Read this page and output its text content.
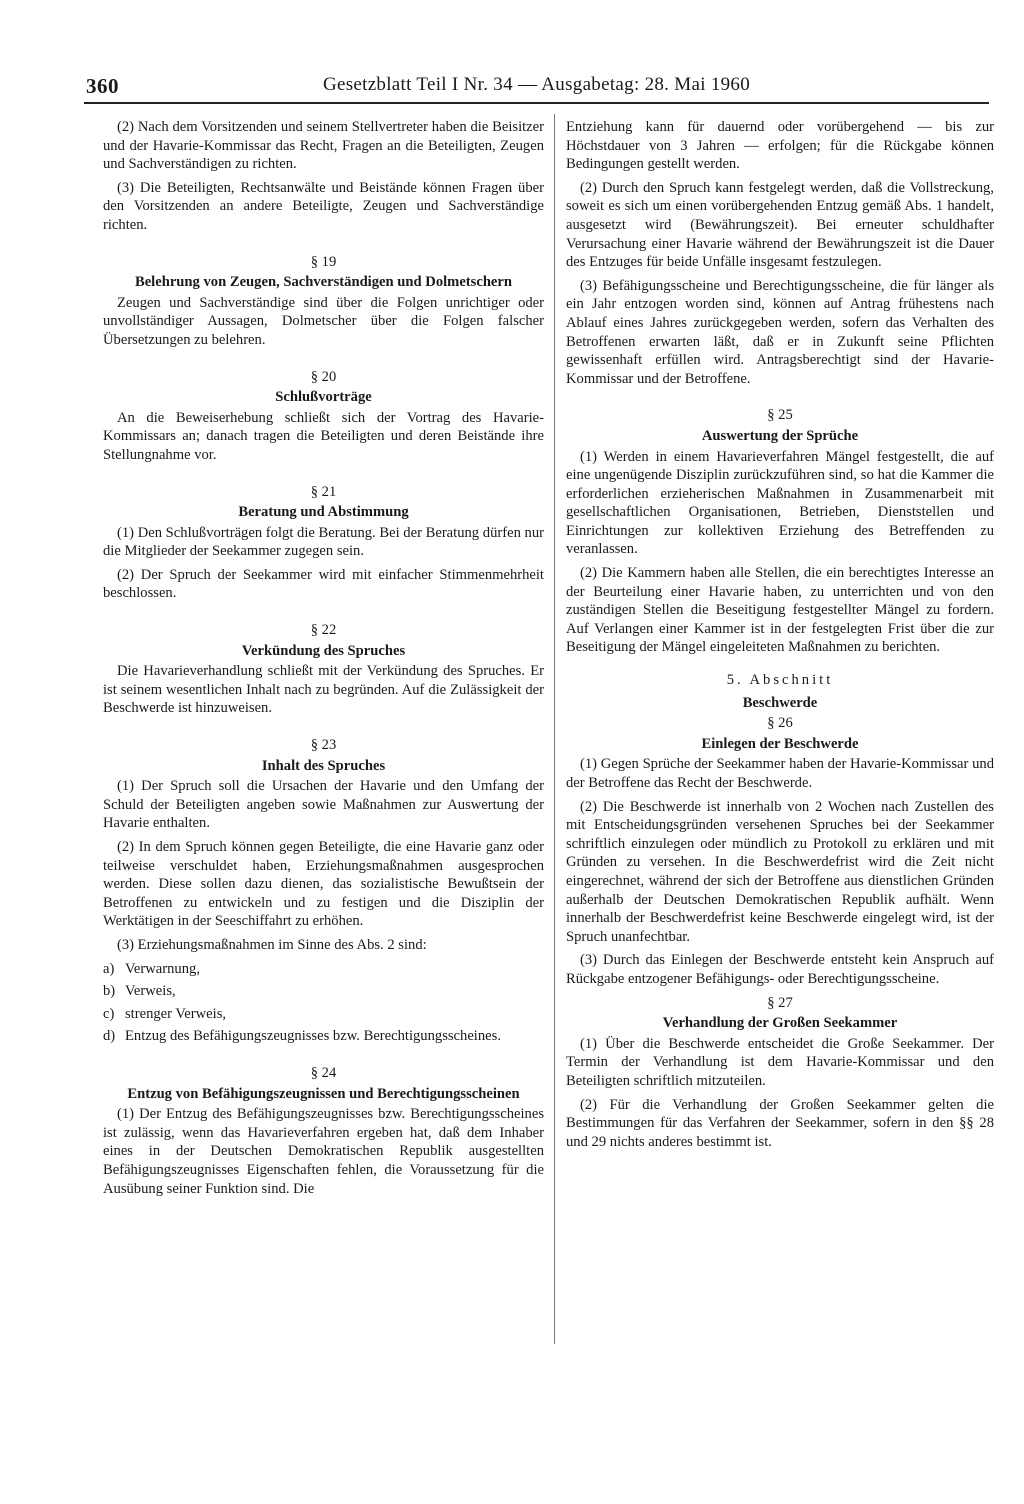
360	Gesetzblatt Teil I Nr. 34 — Ausgabetag: 28. Mai 1960

(2) Nach dem Vorsitzenden und seinem Stellvertreter haben die Beisitzer und der Havarie-Kommissar das Recht, Fragen an die Beteiligten, Zeugen und Sachverständigen zu richten.

(3) Die Beteiligten, Rechtsanwälte und Beistände können Fragen über den Vorsitzenden an andere Beteiligte, Zeugen und Sachverständige richten.

§ 19
Belehrung von Zeugen, Sachverständigen und Dolmetschern

Zeugen und Sachverständige sind über die Folgen unrichtiger oder unvollständiger Aussagen, Dolmetscher über die Folgen falscher Übersetzungen zu belehren.

§ 20
Schlußvorträge

An die Beweiserhebung schließt sich der Vortrag des Havarie-Kommissars an; danach tragen die Beteiligten und deren Beistände ihre Stellungnahme vor.

§ 21
Beratung und Abstimmung

(1) Den Schlußvorträgen folgt die Beratung. Bei der Beratung dürfen nur die Mitglieder der Seekammer zugegen sein.

(2) Der Spruch der Seekammer wird mit einfacher Stimmenmehrheit beschlossen.

§ 22
Verkündung des Spruches

Die Havarieverhandlung schließt mit der Verkündung des Spruches. Er ist seinem wesentlichen Inhalt nach zu begründen. Auf die Zulässigkeit der Beschwerde ist hinzuweisen.

§ 23
Inhalt des Spruches

(1) Der Spruch soll die Ursachen der Havarie und den Umfang der Schuld der Beteiligten angeben sowie Maßnahmen zur Auswertung der Havarie enthalten.

(2) In dem Spruch können gegen Beteiligte, die eine Havarie ganz oder teilweise verschuldet haben, Erziehungsmaßnahmen ausgesprochen werden. Diese sollen dazu dienen, das sozialistische Bewußtsein der Betroffenen zu entwickeln und zu festigen und die Disziplin der Werktätigen in der Seeschiffahrt zu erhöhen.

(3) Erziehungsmaßnahmen im Sinne des Abs. 2 sind:

a) Verwarnung,
b) Verweis,
c) strenger Verweis,
d) Entzug des Befähigungszeugnisses bzw. Berechtigungsscheines.
§ 24
Entzug von Befähigungszeugnissen und Berechtigungsscheinen

(1) Der Entzug des Befähigungszeugnisses bzw. Berechtigungsscheines ist zulässig, wenn das Havarieverfahren ergeben hat, daß dem Inhaber eines in der Deutschen Demokratischen Republik ausgestellten Befähigungszeugnisses Eigenschaften fehlen, die Voraussetzung für die Ausübung seiner Funktion sind. Die

Entziehung kann für dauernd oder vorübergehend — bis zur Höchstdauer von 3 Jahren — erfolgen; für die Rückgabe können Bedingungen gestellt werden.

(2) Durch den Spruch kann festgelegt werden, daß die Vollstreckung, soweit es sich um einen vorübergehenden Entzug gemäß Abs. 1 handelt, ausgesetzt wird (Bewährungszeit). Bei erneuter schuldhafter Verursachung einer Havarie während der Bewährungszeit ist die Dauer des Entzuges für beide Unfälle insgesamt festzulegen.

(3) Befähigungsscheine und Berechtigungsscheine, die für länger als ein Jahr entzogen worden sind, können auf Antrag frühestens nach Ablauf eines Jahres zurückgegeben werden, sofern das Verhalten des Betroffenen erwarten läßt, daß er in Zukunft seine Pflichten gewissenhaft erfüllen wird. Antragsberechtigt sind der Havarie-Kommissar und der Betroffene.

§ 25
Auswertung der Sprüche

(1) Werden in einem Havarieverfahren Mängel festgestellt, die auf eine ungenügende Disziplin zurückzuführen sind, so hat die Kammer die erforderlichen erzieherischen Maßnahmen in Zusammenarbeit mit gesellschaftlichen Organisationen, Betrieben, Dienststellen und Einrichtungen zur kollektiven Erziehung des Betreffenden zu veranlassen.

(2) Die Kammern haben alle Stellen, die ein berechtigtes Interesse an der Beurteilung einer Havarie haben, zu unterrichten und von den zuständigen Stellen die Beseitigung festgestellter Mängel zu fordern. Auf Verlangen einer Kammer ist in der festgelegten Frist über die zur Beseitigung der Mängel eingeleiteten Maßnahmen zu berichten.

5. Abschnitt
Beschwerde
§ 26
Einlegen der Beschwerde

(1) Gegen Sprüche der Seekammer haben der Havarie-Kommissar und der Betroffene das Recht der Beschwerde.

(2) Die Beschwerde ist innerhalb von 2 Wochen nach Zustellen des mit Entscheidungsgründen versehenen Spruches bei der Seekammer schriftlich einzulegen oder mündlich zu Protokoll zu erklären und mit Gründen zu versehen. In die Beschwerdefrist wird die Zeit nicht eingerechnet, während der sich der Betroffene aus dienstlichen Gründen außerhalb der Deutschen Demokratischen Republik aufhält. Wenn innerhalb der Beschwerdefrist keine Beschwerde eingelegt wird, ist der Spruch unanfechtbar.

(3) Durch das Einlegen der Beschwerde entsteht kein Anspruch auf Rückgabe entzogener Befähigungs- oder Berechtigungsscheine.

§ 27
Verhandlung der Großen Seekammer

(1) Über die Beschwerde entscheidet die Große Seekammer. Der Termin der Verhandlung ist dem Havarie-Kommissar und den Beteiligten schriftlich mitzuteilen.

(2) Für die Verhandlung der Großen Seekammer gelten die Bestimmungen für das Verfahren der Seekammer, sofern in den §§ 28 und 29 nichts anderes bestimmt ist.
